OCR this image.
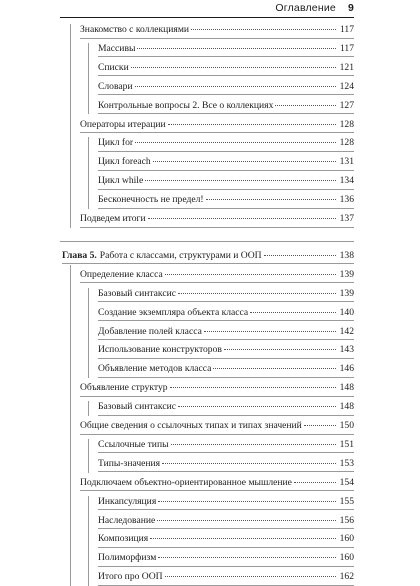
Оглавление 9
Знакомство с коллекциями	117
Массивы	117
Списки	121
Словари	124
Контрольные вопросы 2. Все о коллекциях	127
Операторы итерации	128
Цикл for	128
Цикл foreach	131
Цикл while	134
Бесконечность не предел!	136
Подведем итоги	137
Глава 5. Работа с классами, структурами и ООП	138
Определение класса	139
Базовый синтаксис	139
Создание экземпляра объекта класса	140
Добавление полей класса	142
Использование конструкторов	143
Объявление методов класса	146
Объявление структур	148
Базовый синтаксис	148
Общие сведения о ссылочных типах и типах значений	150
Ссылочные типы	151
Типы-значения	153
Подключаем объектно-ориентированное мышление	154
Инкапсуляция	155
Наследование	156
Композиция	160
Полиморфизм	160
Итого про ООП	162
